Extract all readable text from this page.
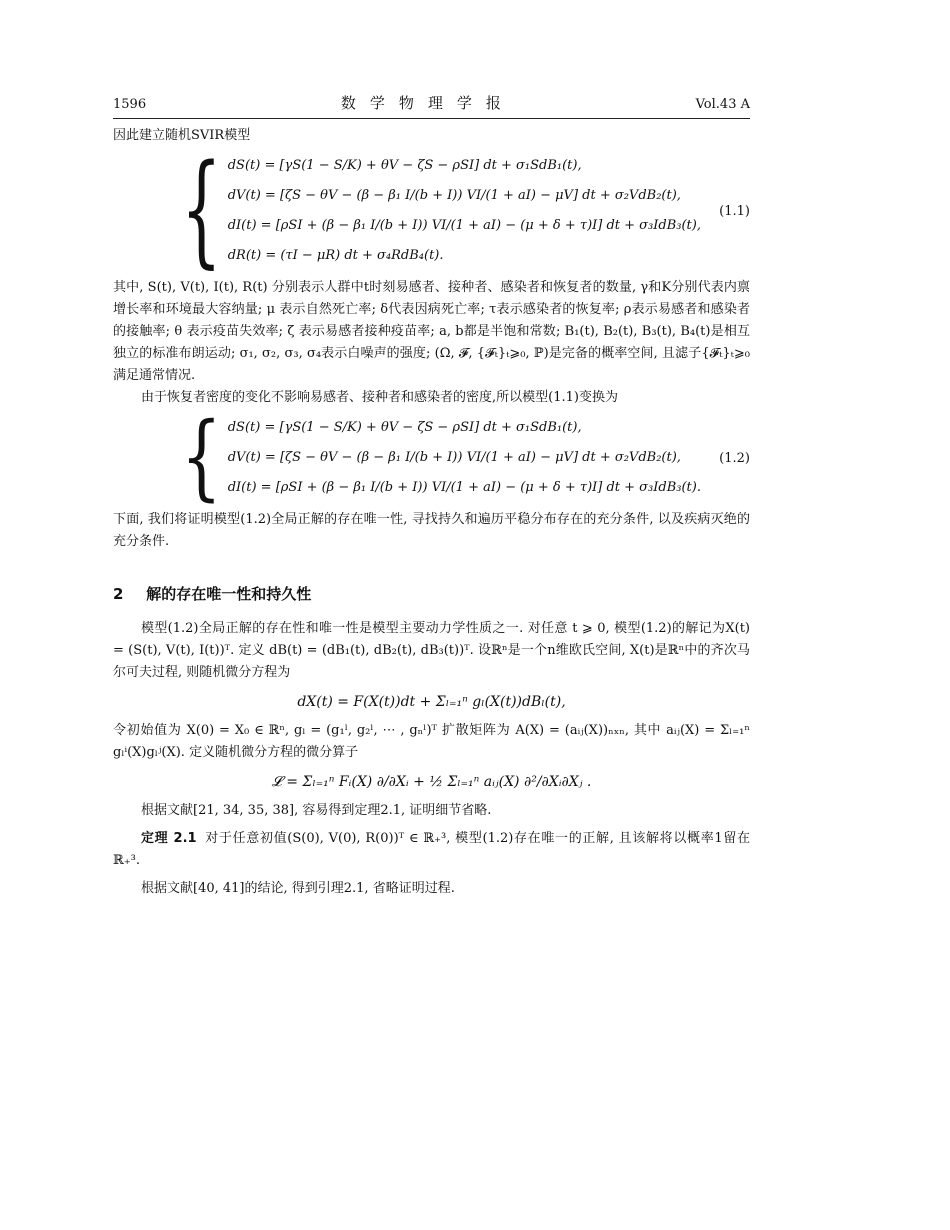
1596	数学物理学报	Vol.43 A

因此建立随机SVIR模型

{ dS(t) = [γS(1 − S/K) + θV − ζS − ρSI] dt + σ₁SdB₁(t),
dV(t) = [ζS − θV − (β − β₁ I/(b + I)) VI/(1 + aI) − μV] dt + σ₂VdB₂(t),
dI(t) = [ρSI + (β − β₁ I/(b + I)) VI/(1 + aI) − (μ + δ + τ)I] dt + σ₃IdB₃(t),
dR(t) = (τI − μR) dt + σ₄RdB₄(t).
(1.1)

其中, S(t), V(t), I(t), R(t) 分别表示人群中t时刻易感者、接种者、感染者和恢复者的数量, γ和K分别代表内禀增长率和环境最大容纳量; μ 表示自然死亡率; δ代表因病死亡率; τ表示感染者的恢复率; ρ表示易感者和感染者的接触率; θ 表示疫苗失效率; ζ 表示易感者接种疫苗率; a, b都是半饱和常数; B₁(t), B₂(t), B₃(t), B₄(t)是相互独立的标准布朗运动; σ₁, σ₂, σ₃, σ₄表示白噪声的强度; (Ω, 𝓕, {𝓕ₜ}ₜ⩾₀, ℙ)是完备的概率空间, 且滤子{𝓕ₜ}ₜ⩾₀满足通常情况.

由于恢复者密度的变化不影响易感者、接种者和感染者的密度,所以模型(1.1)变换为

{ dS(t) = [γS(1 − S/K) + θV − ζS − ρSI] dt + σ₁SdB₁(t),
dV(t) = [ζS − θV − (β − β₁ I/(b + I)) VI/(1 + aI) − μV] dt + σ₂VdB₂(t),
dI(t) = [ρSI + (β − β₁ I/(b + I)) VI/(1 + aI) − (μ + δ + τ)I] dt + σ₃IdB₃(t).
(1.2)

下面, 我们将证明模型(1.2)全局正解的存在唯一性, 寻找持久和遍历平稳分布存在的充分条件, 以及疾病灭绝的充分条件.

2 解的存在唯一性和持久性

模型(1.2)全局正解的存在性和唯一性是模型主要动力学性质之一. 对任意 t ⩾ 0, 模型(1.2)的解记为X(t) = (S(t), V(t), I(t))ᵀ. 定义 dB(t) = (dB₁(t), dB₂(t), dB₃(t))ᵀ. 设ℝⁿ是一个n维欧氏空间, X(t)是ℝⁿ中的齐次马尔可夫过程, 则随机微分方程为

dX(t) = F(X(t))dt + Σₗ₌₁ⁿ gₗ(X(t))dBₗ(t),

令初始值为 X(0) = X₀ ∈ ℝⁿ, gₗ = (g₁ˡ, g₂ˡ, ⋯ , gₙˡ)ᵀ 扩散矩阵为 A(X) = (aᵢⱼ(X))ₙₓₙ, 其中 aᵢⱼ(X) = Σₗ₌₁ⁿ gₗⁱ(X)gₗʲ(X). 定义随机微分方程的微分算子

𝓛 = Σₗ₌₁ⁿ Fᵢ(X) ∂/∂Xᵢ + ½ Σₗ₌₁ⁿ aᵢⱼ(X) ∂²/∂Xᵢ∂Xⱼ .

根据文献[21, 34, 35, 38], 容易得到定理2.1, 证明细节省略.

定理 2.1 对于任意初值(S(0), V(0), R(0))ᵀ ∈ ℝ₊³, 模型(1.2)存在唯一的正解, 且该解将以概率1留在ℝ₊³.

根据文献[40, 41]的结论, 得到引理2.1, 省略证明过程.
